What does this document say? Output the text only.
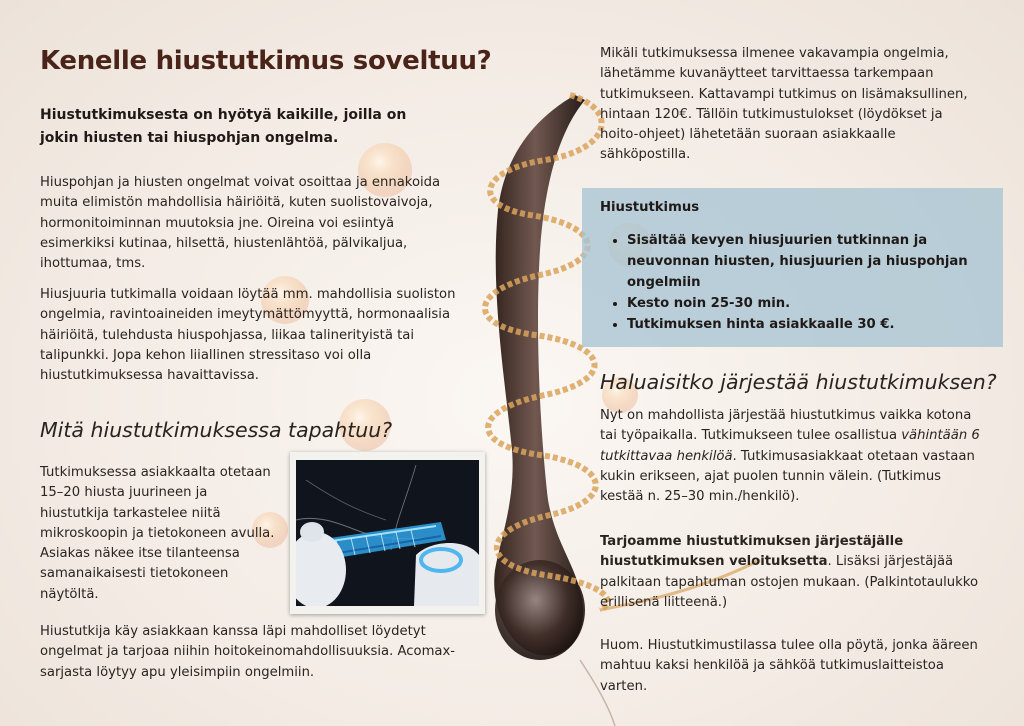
Kenelle hiustutkimus soveltuu?

Hiustutkimuksesta on hyötyä kaikille, joilla on jokin hiusten tai hiuspohjan ongelma.

Hiuspohjan ja hiusten ongelmat voivat osoittaa ja ennakoida muita elimistön mahdollisia häiriöitä, kuten suolistovaivoja, hormonitoiminnan muutoksia jne. Oireina voi esiintyä esimerkiksi kutinaa, hilsettä, hiustenlähtöä, pälvikaljua, ihottumaa, tms.

Hiusjuuria tutkimalla voidaan löytää mm. mahdollisia suoliston ongelmia, ravintoaineiden imeytymättömyyttä, hormonaalisia häiriöitä, tulehdusta hiuspohjassa, liikaa talinerityistä tai talipunkki. Jopa kehon liiallinen stressitaso voi olla hiustutkimuksessa havaittavissa.

Mitä hiustutkimuksessa tapahtuu?

Tutkimuksessa asiakkaalta otetaan 15–20 hiusta juurineen ja hiustutkija tarkastelee niitä mikroskoopin ja tietokoneen avulla. Asiakas näkee itse tilanteensa samanaikaisesti tietokoneen näytöltä.

Hiustutkija käy asiakkaan kanssa läpi mahdolliset löydetyt ongelmat ja tarjoaa niihin hoitokeinomahdollisuuksia. Acomax-sarjasta löytyy apu yleisimpiin ongelmiin.

Mikäli tutkimuksessa ilmenee vakavampia ongelmia, lähetämme kuvanäytteet tarvittaessa tarkempaan tutkimukseen. Kattavampi tutkimus on lisämaksullinen, hintaan 120€. Tällöin tutkimustulokset (löydökset ja hoito-ohjeet) lähetetään suoraan asiakkaalle sähköpostilla.

Hiustutkimus

• Sisältää kevyen hiusjuurien tutkinnan ja neuvonnan hiusten, hiusjuurien ja hiuspohjan ongelmiin
• Kesto noin 25-30 min.
• Tutkimuksen hinta asiakkaalle 30 €.
Haluaisitko järjestää hiustutkimuksen?

Nyt on mahdollista järjestää hiustutkimus vaikka kotona tai työpaikalla. Tutkimukseen tulee osallistua vähintään 6 tutkittavaa henkilöä. Tutkimusasiakkaat otetaan vastaan kukin erikseen, ajat puolen tunnin välein. (Tutkimus kestää n. 25–30 min./henkilö).

Tarjoamme hiustutkimuksen järjestäjälle hiustutkimuksen veloituksetta. Lisäksi järjestäjää palkitaan tapahtuman ostojen mukaan. (Palkintotaulukko erillisenä liitteenä.)

Huom. Hiustutkimustilassa tulee olla pöytä, jonka ääreen mahtuu kaksi henkilöä ja sähköä tutkimuslaitteistoa varten.
